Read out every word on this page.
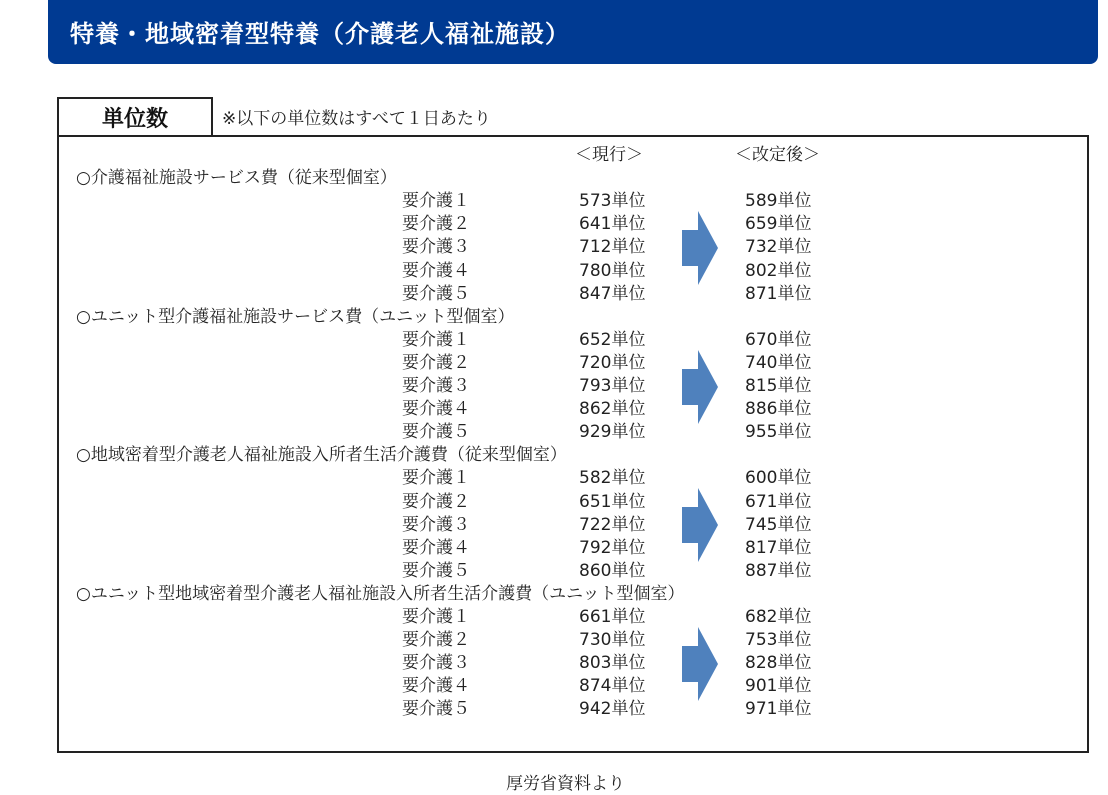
特養・地域密着型特養（介護老人福祉施設）
単位数	※以下の単位数はすべて１日あたり
＜現行＞	＜改定後＞
○介護福祉施設サービス費（従来型個室）
要介護１	573単位	589単位
要介護２	641単位	659単位
要介護３	712単位	732単位
要介護４	780単位	802単位
要介護５	847単位	871単位
○ユニット型介護福祉施設サービス費（ユニット型個室）
要介護１	652単位	670単位
要介護２	720単位	740単位
要介護３	793単位	815単位
要介護４	862単位	886単位
要介護５	929単位	955単位
○地域密着型介護老人福祉施設入所者生活介護費（従来型個室）
要介護１	582単位	600単位
要介護２	651単位	671単位
要介護３	722単位	745単位
要介護４	792単位	817単位
要介護５	860単位	887単位
○ユニット型地域密着型介護老人福祉施設入所者生活介護費（ユニット型個室）
要介護１	661単位	682単位
要介護２	730単位	753単位
要介護３	803単位	828単位
要介護４	874単位	901単位
要介護５	942単位	971単位
厚労省資料より
